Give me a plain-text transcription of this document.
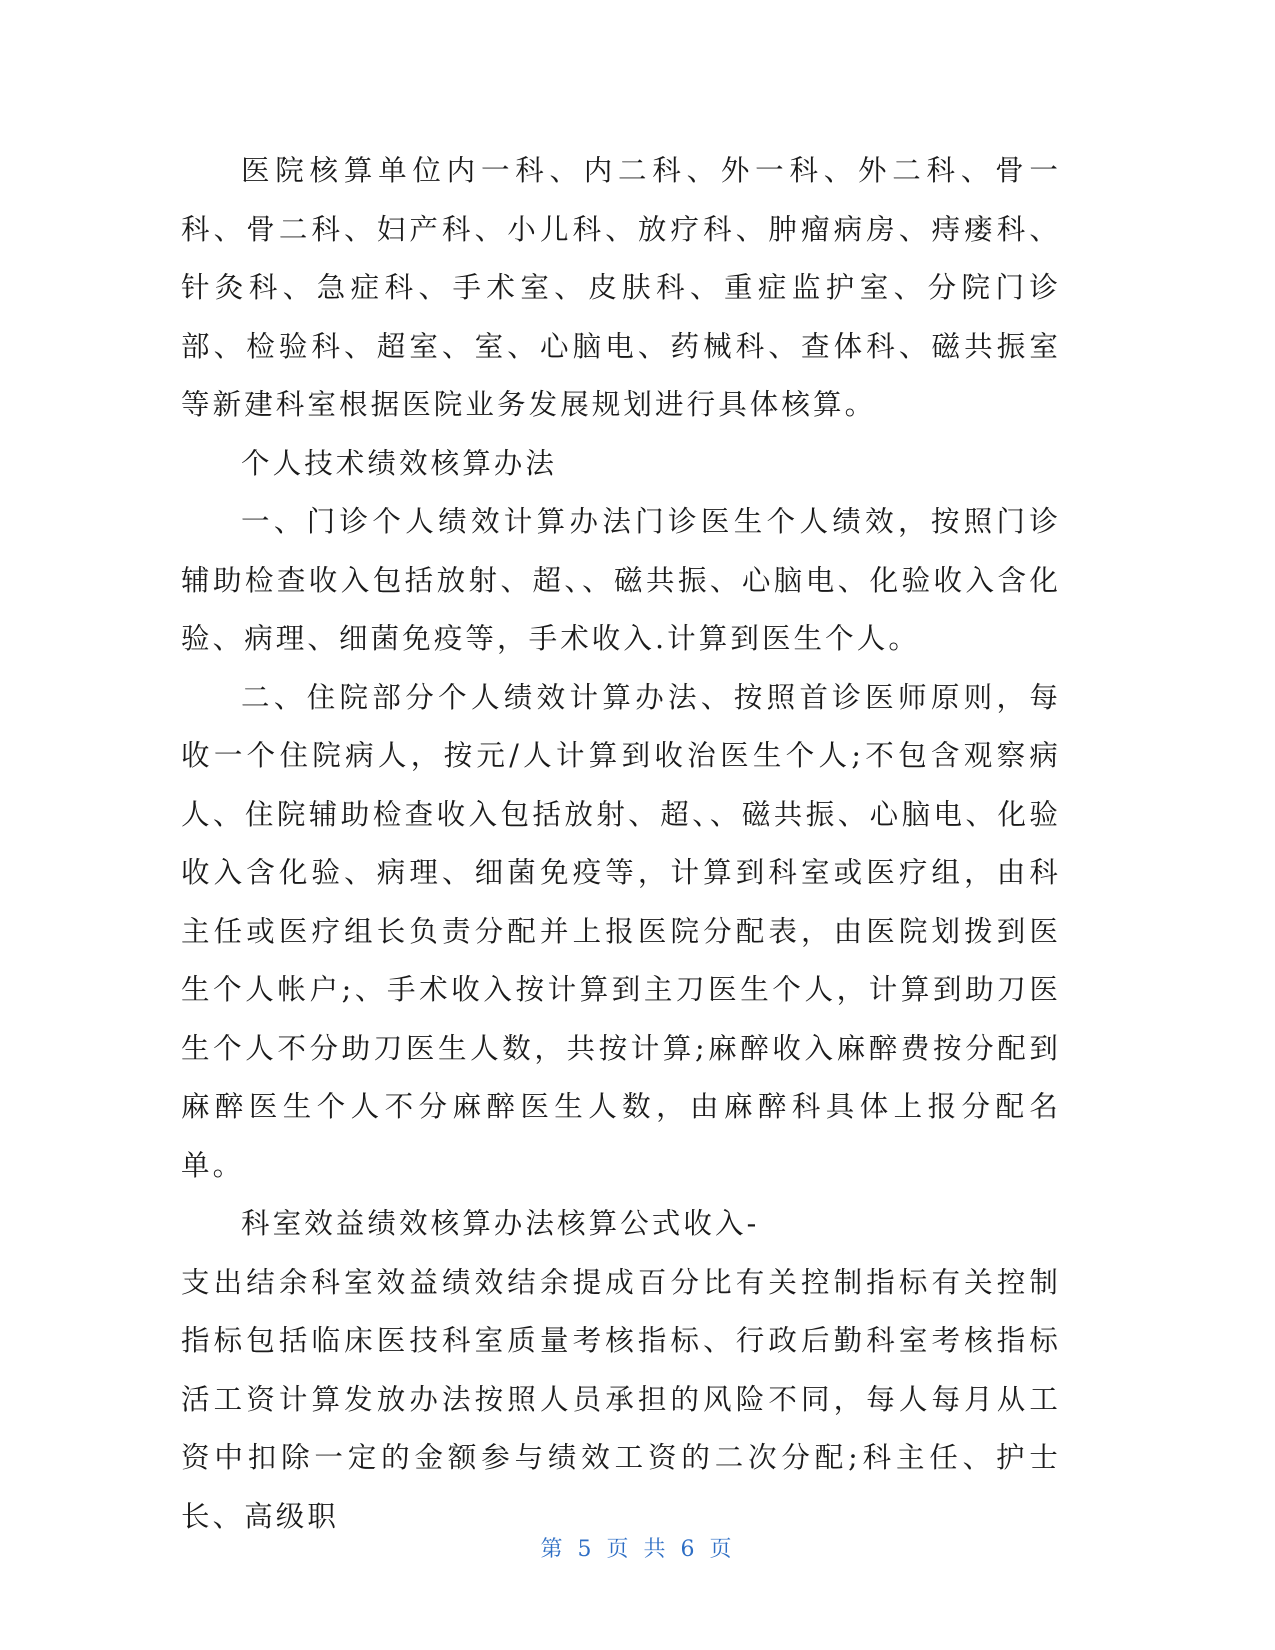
医院核算单位内一科、内二科、外一科、外二科、骨一科、骨二科、妇产科、小儿科、放疗科、肿瘤病房、痔瘘科、针灸科、急症科、手术室、皮肤科、重症监护室、分院门诊部、检验科、超室、室、心脑电、药械科、查体科、磁共振室等新建科室根据医院业务发展规划进行具体核算。

个人技术绩效核算办法

一、门诊个人绩效计算办法门诊医生个人绩效，按照门诊辅助检查收入包括放射、超、、磁共振、心脑电、化验收入含化验、病理、细菌免疫等，手术收入.计算到医生个人。

二、住院部分个人绩效计算办法、按照首诊医师原则，每收一个住院病人，按元/人计算到收治医生个人;不包含观察病人、住院辅助检查收入包括放射、超、、磁共振、心脑电、化验收入含化验、病理、细菌免疫等，计算到科室或医疗组，由科主任或医疗组长负责分配并上报医院分配表，由医院划拨到医生个人帐户;、手术收入按计算到主刀医生个人，计算到助刀医生个人不分助刀医生人数，共按计算;麻醉收入麻醉费按分配到麻醉医生个人不分麻醉医生人数，由麻醉科具体上报分配名单。

科室效益绩效核算办法核算公式收入-

支出结余科室效益绩效结余提成百分比有关控制指标有关控制指标包括临床医技科室质量考核指标、行政后勤科室考核指标活工资计算发放办法按照人员承担的风险不同，每人每月从工资中扣除一定的金额参与绩效工资的二次分配;科主任、护士长、高级职

第 5 页 共 6 页
